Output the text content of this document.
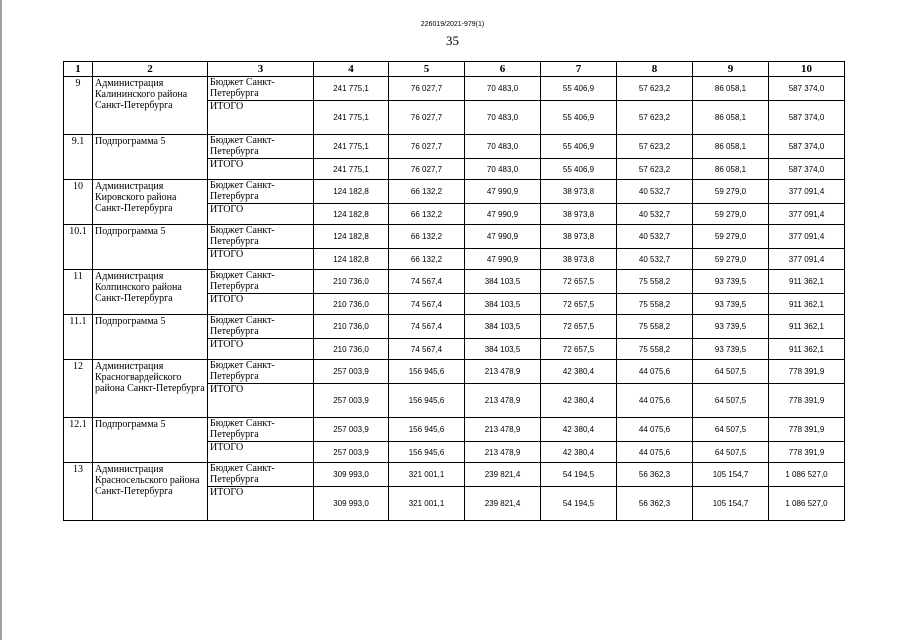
226019/2021-979(1)
35
1	2	3	4	5	6	7	8	9	10
9	Администрация Калининского района Санкт-Петербурга	Бюджет Санкт-Петербурга	241 775,1	76 027,7	70 483,0	55 406,9	57 623,2	86 058,1	587 374,0
		ИТОГО	241 775,1	76 027,7	70 483,0	55 406,9	57 623,2	86 058,1	587 374,0
9.1	Подпрограмма 5	Бюджет Санкт-Петербурга	241 775,1	76 027,7	70 483,0	55 406,9	57 623,2	86 058,1	587 374,0
		ИТОГО	241 775,1	76 027,7	70 483,0	55 406,9	57 623,2	86 058,1	587 374,0
10	Администрация Кировского района Санкт-Петербурга	Бюджет Санкт-Петербурга	124 182,8	66 132,2	47 990,9	38 973,8	40 532,7	59 279,0	377 091,4
		ИТОГО	124 182,8	66 132,2	47 990,9	38 973,8	40 532,7	59 279,0	377 091,4
10.1	Подпрограмма 5	Бюджет Санкт-Петербурга	124 182,8	66 132,2	47 990,9	38 973,8	40 532,7	59 279,0	377 091,4
		ИТОГО	124 182,8	66 132,2	47 990,9	38 973,8	40 532,7	59 279,0	377 091,4
11	Администрация Колпинского района Санкт-Петербурга	Бюджет Санкт-Петербурга	210 736,0	74 567,4	384 103,5	72 657,5	75 558,2	93 739,5	911 362,1
		ИТОГО	210 736,0	74 567,4	384 103,5	72 657,5	75 558,2	93 739,5	911 362,1
11.1	Подпрограмма 5	Бюджет Санкт-Петербурга	210 736,0	74 567,4	384 103,5	72 657,5	75 558,2	93 739,5	911 362,1
		ИТОГО	210 736,0	74 567,4	384 103,5	72 657,5	75 558,2	93 739,5	911 362,1
12	Администрация Красногвардейского района Санкт-Петербурга	Бюджет Санкт-Петербурга	257 003,9	156 945,6	213 478,9	42 380,4	44 075,6	64 507,5	778 391,9
		ИТОГО	257 003,9	156 945,6	213 478,9	42 380,4	44 075,6	64 507,5	778 391,9
12.1	Подпрограмма 5	Бюджет Санкт-Петербурга	257 003,9	156 945,6	213 478,9	42 380,4	44 075,6	64 507,5	778 391,9
		ИТОГО	257 003,9	156 945,6	213 478,9	42 380,4	44 075,6	64 507,5	778 391,9
13	Администрация Красносельского района Санкт-Петербурга	Бюджет Санкт-Петербурга	309 993,0	321 001,1	239 821,4	54 194,5	56 362,3	105 154,7	1 086 527,0
		ИТОГО	309 993,0	321 001,1	239 821,4	54 194,5	56 362,3	105 154,7	1 086 527,0
